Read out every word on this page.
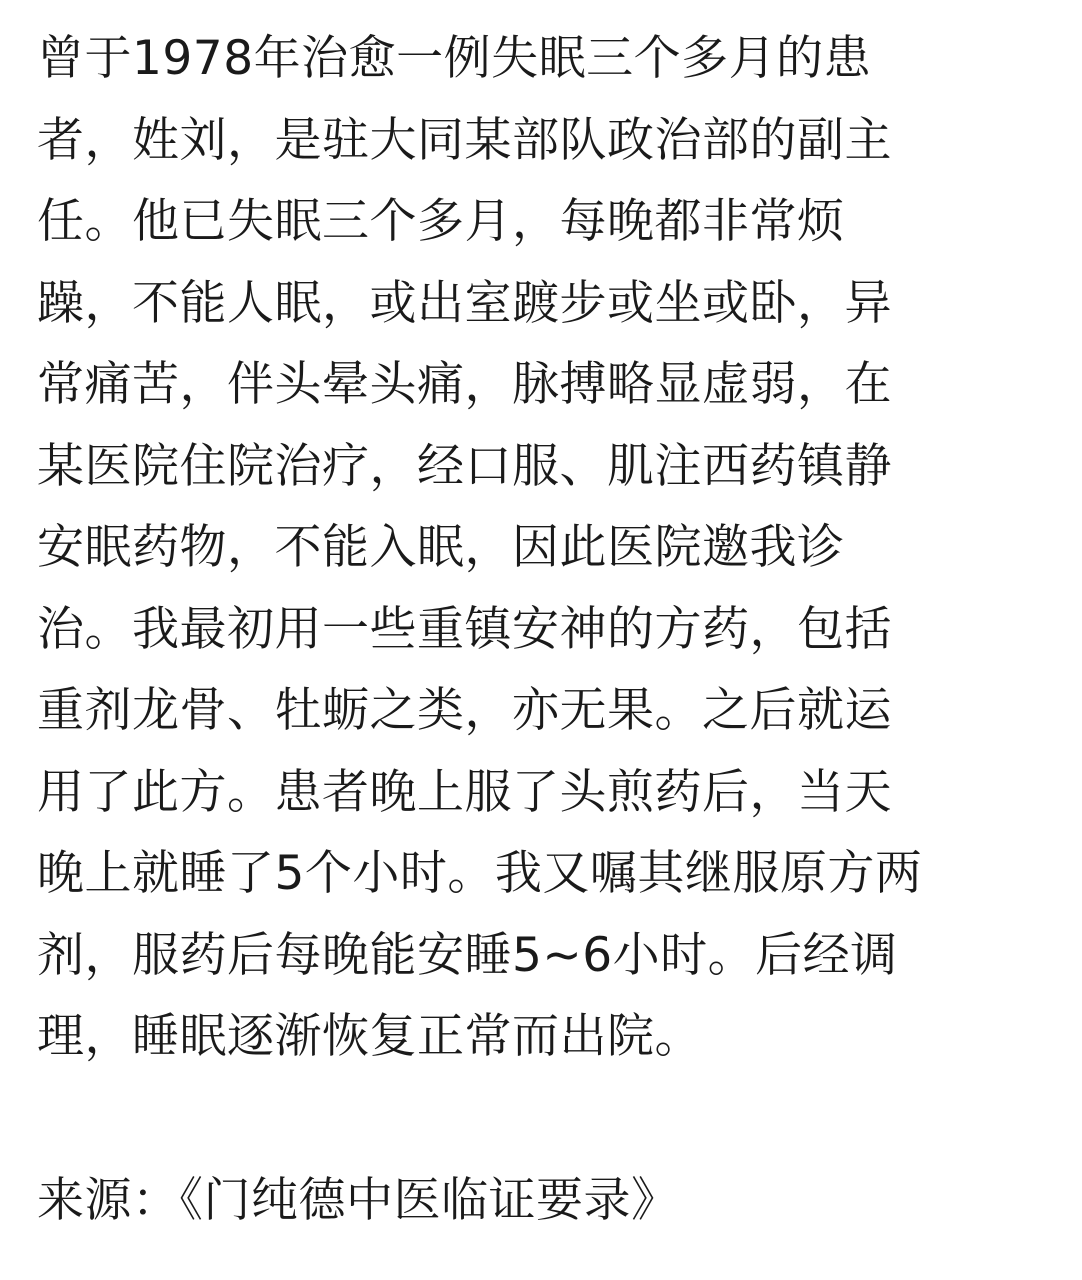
曾于1978年治愈一例失眠三个多月的患
者，姓刘，是驻大同某部队政治部的副主
任。他已失眠三个多月，每晚都非常烦
躁，不能人眠，或出室踱步或坐或卧，异
常痛苦，伴头晕头痛，脉搏略显虚弱，在
某医院住院治疗，经口服、肌注西药镇静
安眠药物，不能入眠，因此医院邀我诊
治。我最初用一些重镇安神的方药，包括
重剂龙骨、牡蛎之类，亦无果。之后就运
用了此方。患者晚上服了头煎药后，当天
晚上就睡了5个小时。我又嘱其继服原方两
剂，服药后每晚能安睡5~6小时。后经调
理，睡眠逐渐恢复正常而出院。
来源：《门纯德中医临证要录》
